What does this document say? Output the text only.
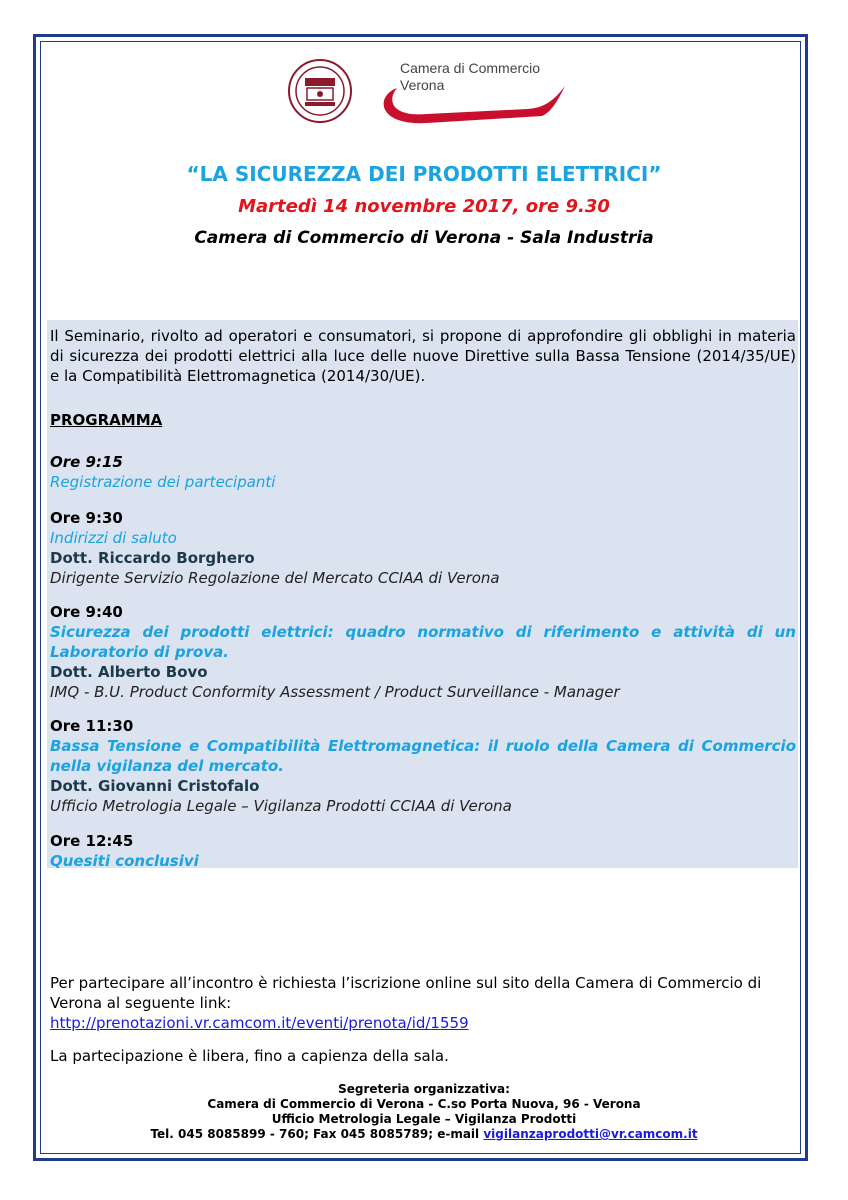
Camera di Commercio
Verona
“LA SICUREZZA DEI PRODOTTI ELETTRICI”
Martedì 14 novembre 2017, ore 9.30
Camera di Commercio di Verona - Sala Industria
Il Seminario, rivolto ad operatori e consumatori, si propone di approfondire gli obblighi in materia di sicurezza dei prodotti elettrici alla luce delle nuove Direttive sulla Bassa Tensione (2014/35/UE) e la Compatibilità Elettromagnetica (2014/30/UE).
PROGRAMMA
Ore 9:15
Registrazione dei partecipanti
Ore 9:30
Indirizzi di saluto
Dott. Riccardo Borghero
Dirigente Servizio Regolazione del Mercato CCIAA di Verona
Ore 9:40
Sicurezza dei prodotti elettrici: quadro normativo di riferimento e attività di un Laboratorio di prova.
Dott. Alberto Bovo
IMQ - B.U. Product Conformity Assessment / Product Surveillance - Manager
Ore 11:30
Bassa Tensione e Compatibilità Elettromagnetica: il ruolo della Camera di Commercio nella vigilanza del mercato.
Dott. Giovanni Cristofalo
Ufficio Metrologia Legale – Vigilanza Prodotti CCIAA di Verona
Ore 12:45
Quesiti conclusivi
Per partecipare all’incontro è richiesta l’iscrizione online sul sito della Camera di Commercio di Verona al seguente link:
http://prenotazioni.vr.camcom.it/eventi/prenota/id/1559
La partecipazione è libera, fino a capienza della sala.
Segreteria organizzativa:
Camera di Commercio di Verona - C.so Porta Nuova, 96 - Verona
Ufficio Metrologia Legale – Vigilanza Prodotti
Tel. 045 8085899 - 760; Fax 045 8085789; e-mail vigilanzaprodotti@vr.camcom.it
